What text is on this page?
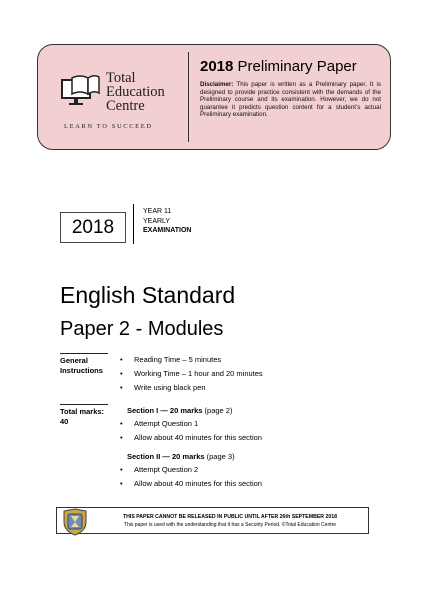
Total
Education
Centre
LEARN TO SUCCEED
2018 Preliminary Paper
Disclaimer: This paper is written as a Preliminary paper. It is designed to provide practice consistent with the demands of the Preliminary course and its examination. However, we do not guarantee it predicts question content for a student’s actual Preliminary examination.
2018
YEAR 11
YEARLY
EXAMINATION
English Standard
Paper 2 - Modules
General
Instructions
• Reading Time – 5 minutes
• Working Time – 1 hour and 20 minutes
• Write using black pen
Total marks:
40
Section I — 20 marks (page 2)
• Attempt Question 1
• Allow about 40 minutes for this section
Section II — 20 marks (page 3)
• Attempt Question 2
• Allow about 40 minutes for this section
THIS PAPER CANNOT BE RELEASED IN PUBLIC UNTIL AFTER 26th SEPTEMBER 2018
This paper is used with the understanding that it has a Security Period. ©Total Education Centre
